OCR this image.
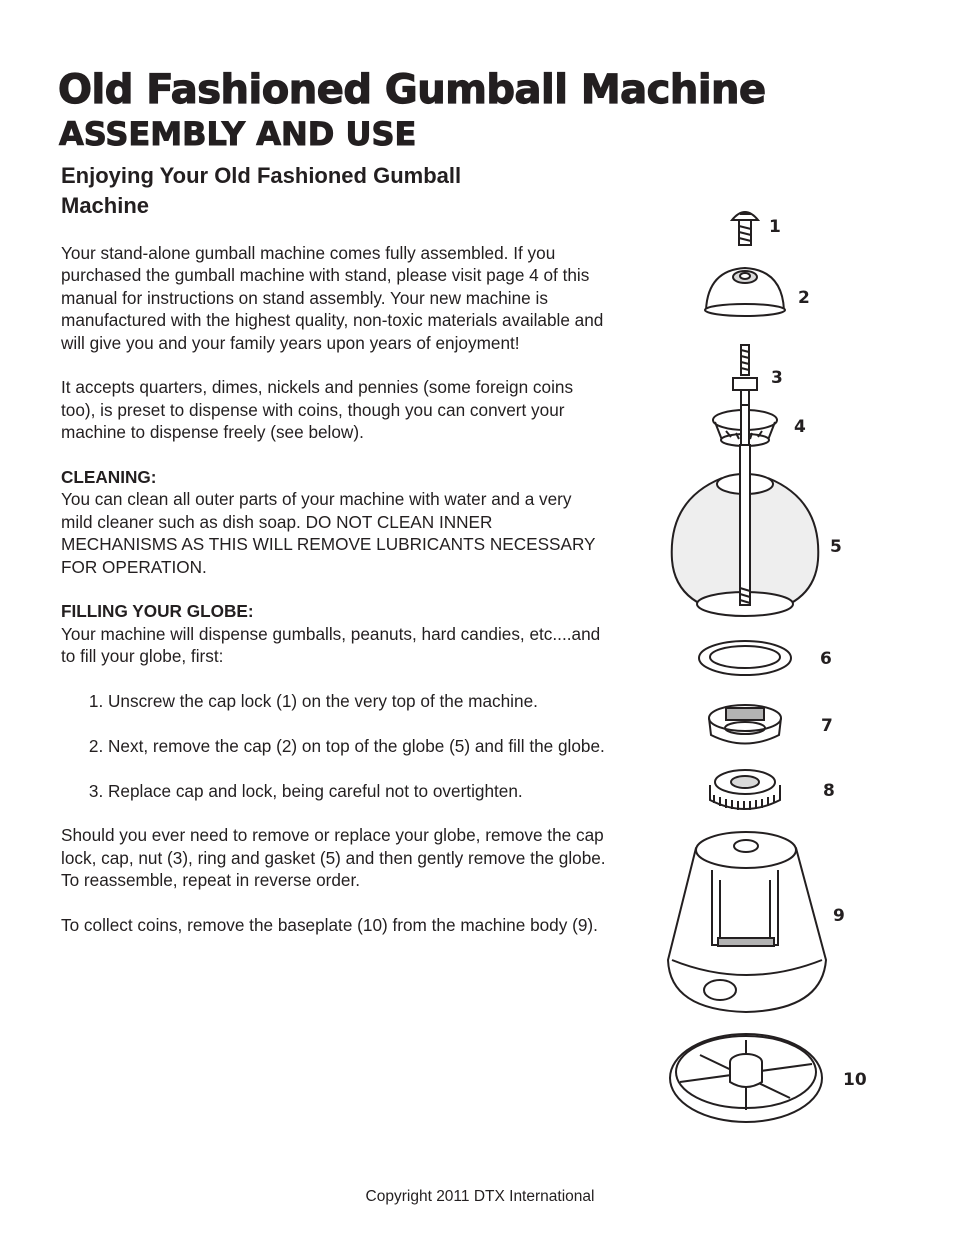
Old Fashioned Gumball Machine
ASSEMBLY AND USE
Enjoying Your Old Fashioned Gumball Machine

Your stand-alone gumball machine comes fully assembled. If you purchased the gumball machine with stand, please visit page 4 of this manual for instructions on stand assembly. Your new machine is manufactured with the highest quality, non-toxic materials available and will give you and your family years upon years of enjoyment!

It accepts quarters, dimes, nickels and pennies (some foreign coins too), is preset to dispense with coins, though you can convert your machine to dispense freely (see below).

CLEANING:

You can clean all outer parts of your machine with water and a very mild cleaner such as dish soap. DO NOT CLEAN INNER MECHANISMS AS THIS WILL REMOVE LUBRICANTS NECESSARY FOR OPERATION.

FILLING YOUR GLOBE:

Your machine will dispense gumballs, peanuts, hard candies, etc....and to fill your globe, first:

1. Unscrew the cap lock (1) on the very top of the machine.
2. Next, remove the cap (2) on top of the globe (5) and fill the globe.
3. Replace cap and lock, being careful not to overtighten.

Should you ever need to remove or replace your globe, remove the cap lock, cap, nut (3), ring and gasket (5) and then gently remove the globe. To reassemble, repeat in reverse order.

To collect coins, remove the baseplate (10) from the machine body (9).

1
2
3
4
5
6
7
8
9
10
Copyright 2011 DTX International
